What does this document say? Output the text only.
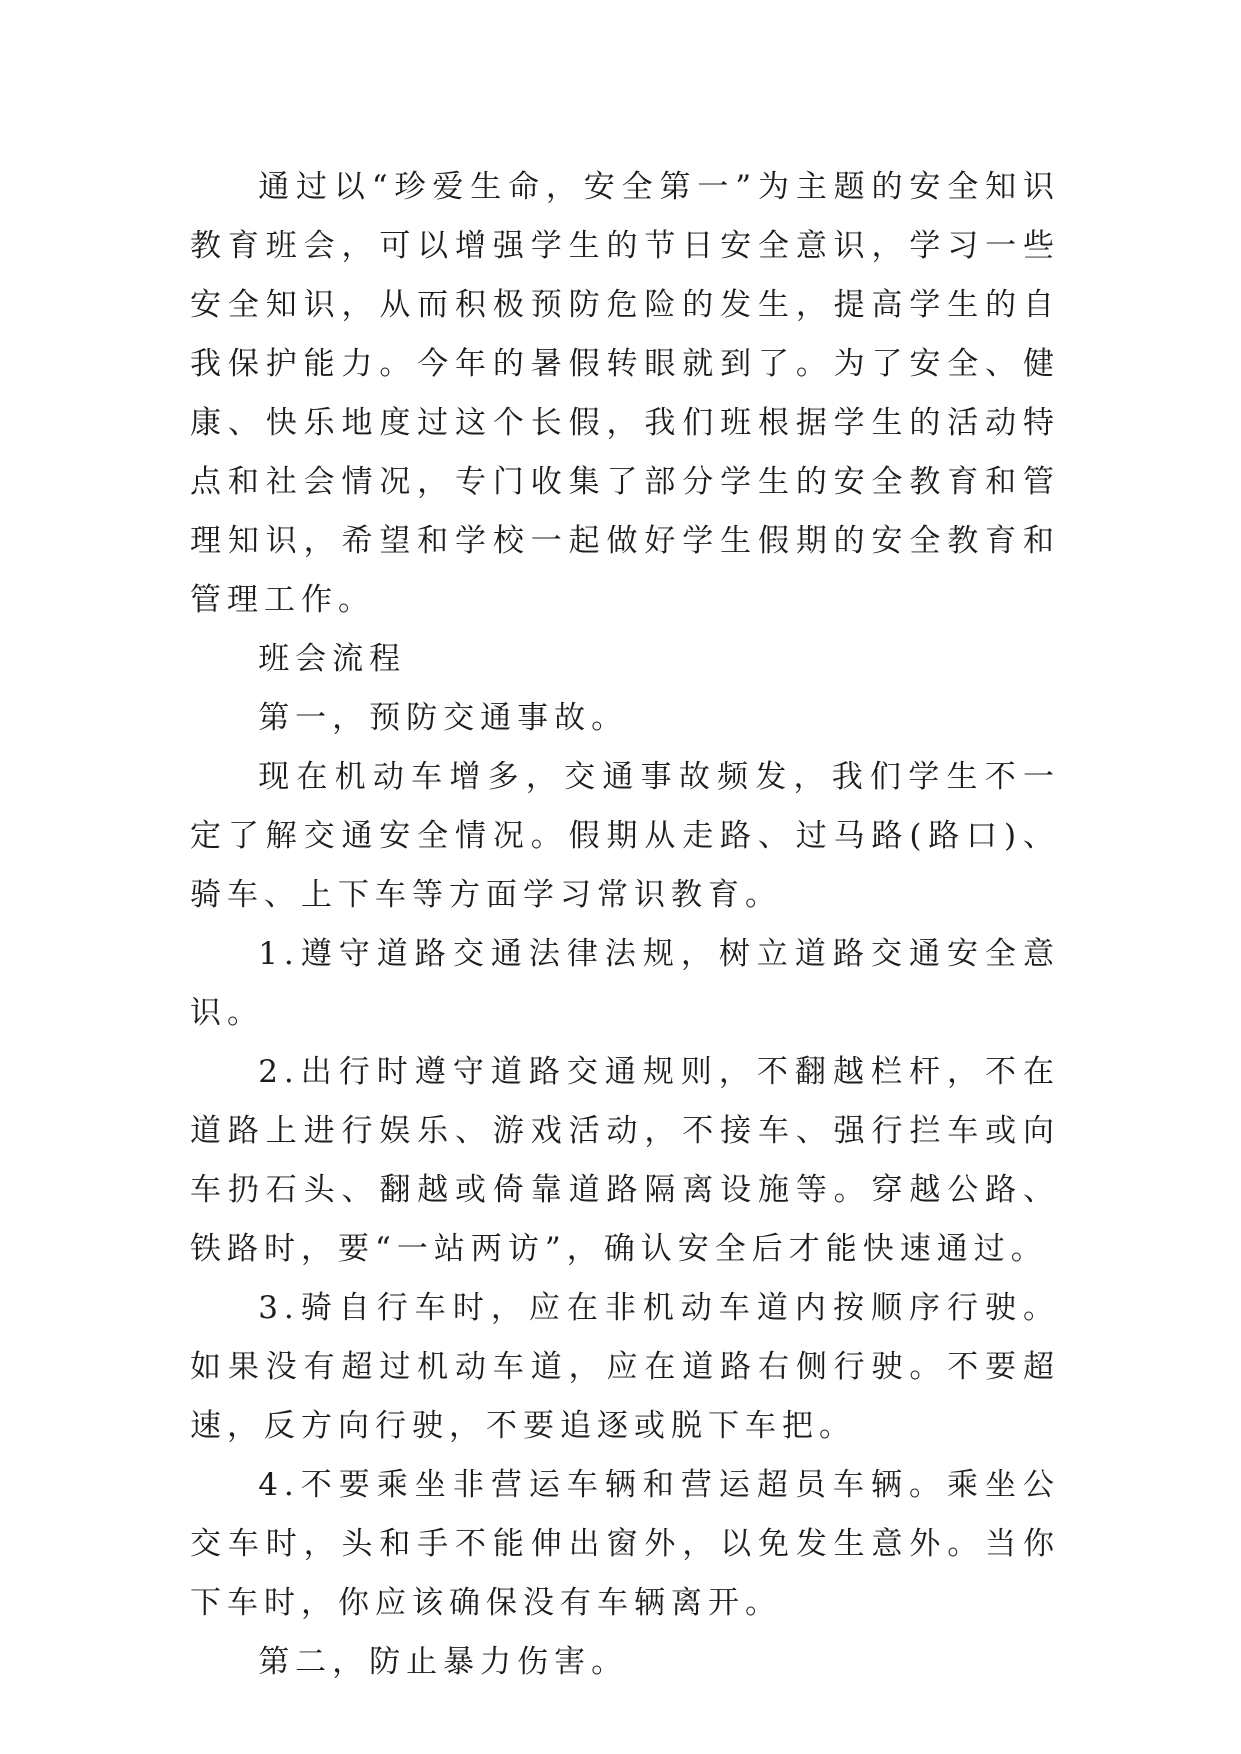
通过以“珍爱生命，安全第一”为主题的安全知识教育班会，可以增强学生的节日安全意识，学习一些安全知识，从而积极预防危险的发生，提高学生的自我保护能力。今年的暑假转眼就到了。为了安全、健康、快乐地度过这个长假，我们班根据学生的活动特点和社会情况，专门收集了部分学生的安全教育和管理知识，希望和学校一起做好学生假期的安全教育和管理工作。

班会流程

第一，预防交通事故。

现在机动车增多，交通事故频发，我们学生不一定了解交通安全情况。假期从走路、过马路(路口)、骑车、上下车等方面学习常识教育。

1.遵守道路交通法律法规，树立道路交通安全意识。

2.出行时遵守道路交通规则，不翻越栏杆，不在道路上进行娱乐、游戏活动，不接车、强行拦车或向车扔石头、翻越或倚靠道路隔离设施等。穿越公路、铁路时，要“一站两访”，确认安全后才能快速通过。

3.骑自行车时，应在非机动车道内按顺序行驶。如果没有超过机动车道，应在道路右侧行驶。不要超速，反方向行驶，不要追逐或脱下车把。

4.不要乘坐非营运车辆和营运超员车辆。乘坐公交车时，头和手不能伸出窗外，以免发生意外。当你下车时，你应该确保没有车辆离开。

第二，防止暴力伤害。
